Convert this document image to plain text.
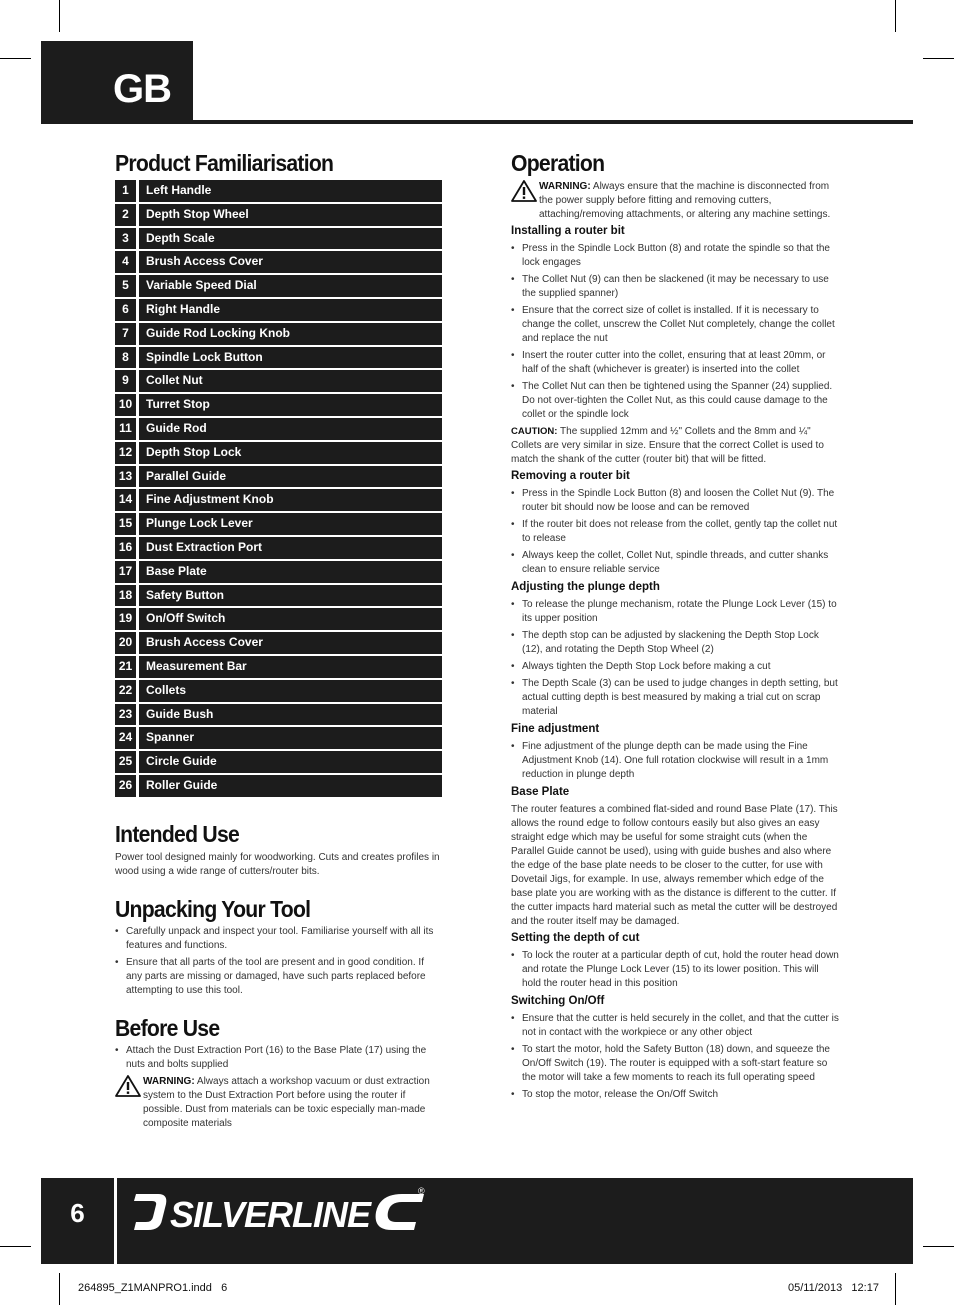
GB
Product Familiarisation
1	Left Handle
2	Depth Stop Wheel
3	Depth Scale
4	Brush Access Cover
5	Variable Speed Dial
6	Right Handle
7	Guide Rod Locking Knob
8	Spindle Lock Button
9	Collet Nut
10	Turret Stop
11	Guide Rod
12	Depth Stop Lock
13	Parallel Guide
14	Fine Adjustment Knob
15	Plunge Lock Lever
16	Dust Extraction Port
17	Base Plate
18	Safety Button
19	On/Off Switch
20	Brush Access Cover
21	Measurement Bar
22	Collets
23	Guide Bush
24	Spanner
25	Circle Guide
26	Roller Guide
Intended Use

Power tool designed mainly for woodworking. Cuts and creates profiles in wood using a wide range of cutters/router bits.

Unpacking Your Tool
• Carefully unpack and inspect your tool. Familiarise yourself with all its features and functions.
• Ensure that all parts of the tool are present and in good condition. If any parts are missing or damaged, have such parts replaced before attempting to use this tool.
Before Use
• Attach the Dust Extraction Port (16) to the Base Plate (17) using the nuts and bolts supplied

WARNING: Always attach a workshop vacuum or dust extraction system to the Dust Extraction Port before using the router if possible. Dust from materials can be toxic especially man-made composite materials

Operation

WARNING: Always ensure that the machine is disconnected from the power supply before fitting and removing cutters, attaching/removing attachments, or altering any machine settings.

Installing a router bit

• Press in the Spindle Lock Button (8) and rotate the spindle so that the lock engages
• The Collet Nut (9) can then be slackened (it may be necessary to use the supplied spanner)
• Ensure that the correct size of collet is installed. If it is necessary to change the collet, unscrew the Collet Nut completely, change the collet and replace the nut
• Insert the router cutter into the collet, ensuring that at least 20mm, or half of the shaft (whichever is greater) is inserted into the collet
• The Collet Nut can then be tightened using the Spanner (24) supplied. Do not over-tighten the Collet Nut, as this could cause damage to the collet or the spindle lock

CAUTION: The supplied 12mm and ½" Collets and the 8mm and ¼" Collets are very similar in size. Ensure that the correct Collet is used to match the shank of the cutter (router bit) that will be fitted.

Removing a router bit

• Press in the Spindle Lock Button (8) and loosen the Collet Nut (9). The router bit should now be loose and can be removed
• If the router bit does not release from the collet, gently tap the collet nut to release
• Always keep the collet, Collet Nut, spindle threads, and cutter shanks clean to ensure reliable service

Adjusting the plunge depth

• To release the plunge mechanism, rotate the Plunge Lock Lever (15) to its upper position
• The depth stop can be adjusted by slackening the Depth Stop Lock (12), and rotating the Depth Stop Wheel (2)
• Always tighten the Depth Stop Lock before making a cut
• The Depth Scale (3) can be used to judge changes in depth setting, but actual cutting depth is best measured by making a trial cut on scrap material

Fine adjustment

• Fine adjustment of the plunge depth can be made using the Fine Adjustment Knob (14). One full rotation clockwise will result in a 1mm reduction in plunge depth

Base Plate

The router features a combined flat-sided and round Base Plate (17). This allows the round edge to follow contours easily but also gives an easy straight edge which may be useful for some straight cuts (when the Parallel Guide cannot be used), using with guide bushes and also where the edge of the base plate needs to be closer to the cutter, for use with Dovetail Jigs, for example. In use, always remember which edge of the base plate you are working with as the distance is different to the cutter. If the cutter impacts hard material such as metal the cutter will be destroyed and the router itself may be damaged.

Setting the depth of cut

• To lock the router at a particular depth of cut, hold the router head down and rotate the Plunge Lock Lever (15) to its lower position. This will hold the router head in this position

Switching On/Off

• Ensure that the cutter is held securely in the collet, and that the cutter is not in contact with the workpiece or any other object
• To start the motor, hold the Safety Button (18) down, and squeeze the On/Off Switch (19). The router is equipped with a soft-start feature so the motor will take a few moments to reach its full operating speed
• To stop the motor, release the On/Off Switch
6	SILVERLINE
®
264895_Z1MANPRO1.indd   6	05/11/2013   12:17
